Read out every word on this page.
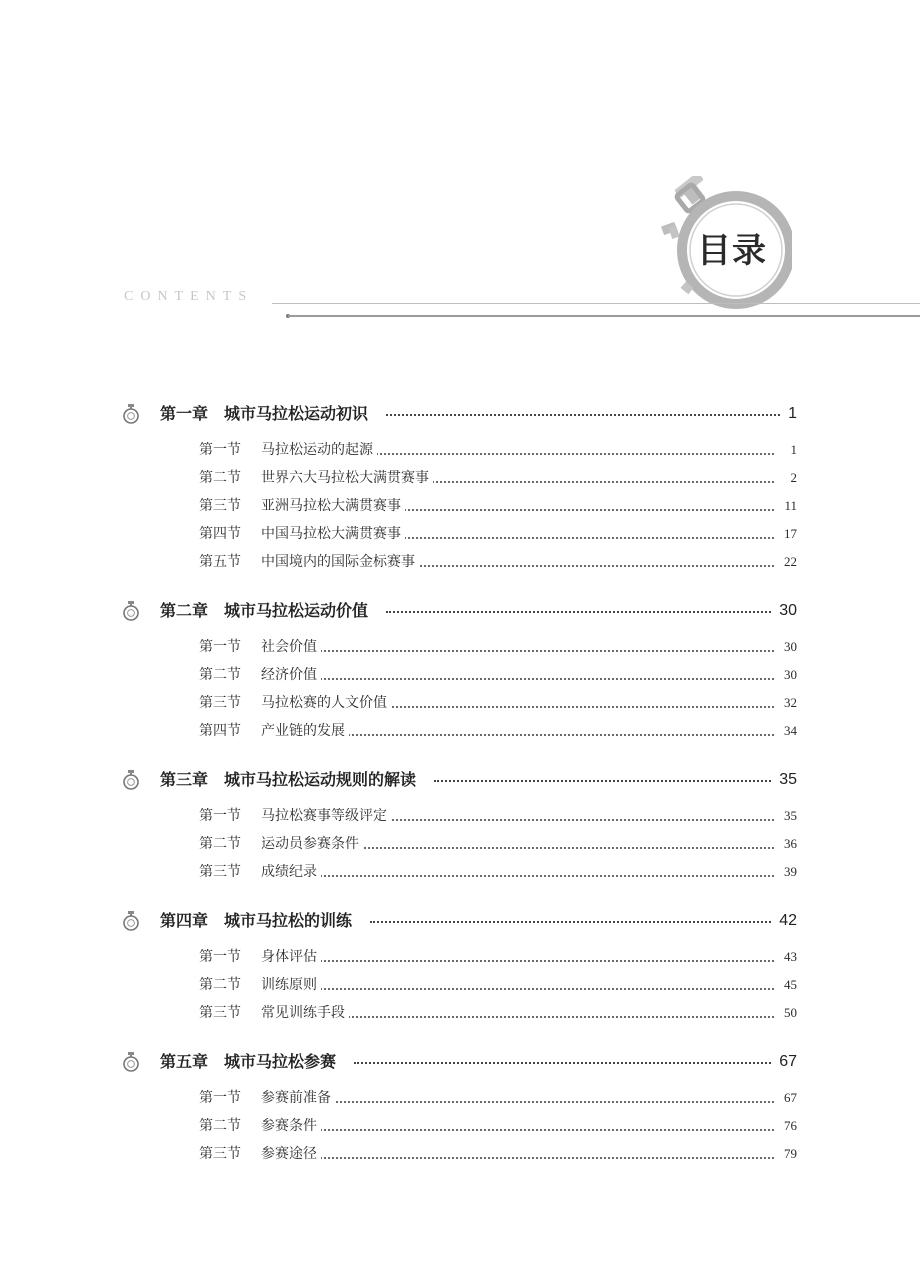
目录
CONTENTS
第一章 城市马拉松运动初识	1
第一节 马拉松运动的起源	1
第二节 世界六大马拉松大满贯赛事	2
第三节 亚洲马拉松大满贯赛事	11
第四节 中国马拉松大满贯赛事	17
第五节 中国境内的国际金标赛事	22
第二章 城市马拉松运动价值	30
第一节 社会价值	30
第二节 经济价值	30
第三节 马拉松赛的人文价值	32
第四节 产业链的发展	34
第三章 城市马拉松运动规则的解读	35
第一节 马拉松赛事等级评定	35
第二节 运动员参赛条件	36
第三节 成绩纪录	39
第四章 城市马拉松的训练	42
第一节 身体评估	43
第二节 训练原则	45
第三节 常见训练手段	50
第五章 城市马拉松参赛	67
第一节 参赛前准备	67
第二节 参赛条件	76
第三节 参赛途径	79
